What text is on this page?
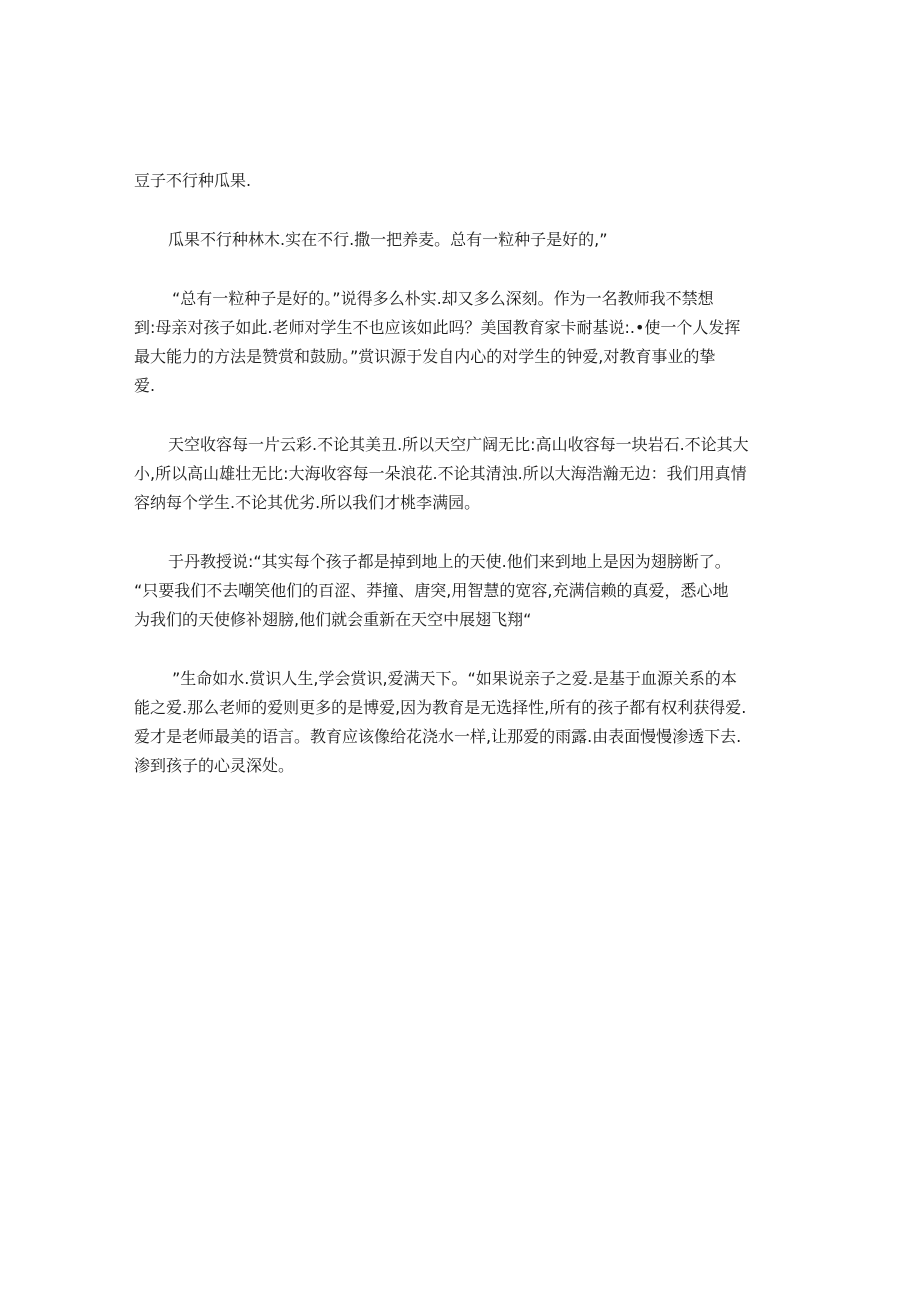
豆子不行种瓜果.

瓜果不行种林木.实在不行.撒一把养麦。总有一粒种子是好的,”

“总有一粒种子是好的。”说得多么朴实.却又多么深刻。作为一名教师我不禁想
到:母亲对孩子如此.老师对学生不也应该如此吗？美国教育家卡耐基说:.•使一个人发挥
最大能力的方法是赞赏和鼓励。”赏识源于发自内心的对学生的钟爱,对教育事业的挚
爱.

天空收容每一片云彩.不论其美丑.所以天空广阔无比:高山收容每一块岩石.不论其大
小,所以高山雄壮无比:大海收容每一朵浪花.不论其清浊.所以大海浩瀚无边：我们用真情
容纳每个学生.不论其优劣.所以我们才桃李满园。

于丹教授说:“其实每个孩子都是掉到地上的天使.他们来到地上是因为翅膀断了。
“只要我们不去嘲笑他们的百涩、莽撞、唐突,用智慧的宽容,充满信赖的真爱，悉心地
为我们的天使修补翅膀,他们就会重新在天空中展翅飞翔“

”生命如水.赏识人生,学会赏识,爱满天下。“如果说亲子之爱.是基于血源关系的本
能之爱.那么老师的爱则更多的是博爱,因为教育是无选择性,所有的孩子都有权利获得爱.
爱才是老师最美的语言。教育应该像给花浇水一样,让那爱的雨露.由表面慢慢渗透下去.
渗到孩子的心灵深处。
